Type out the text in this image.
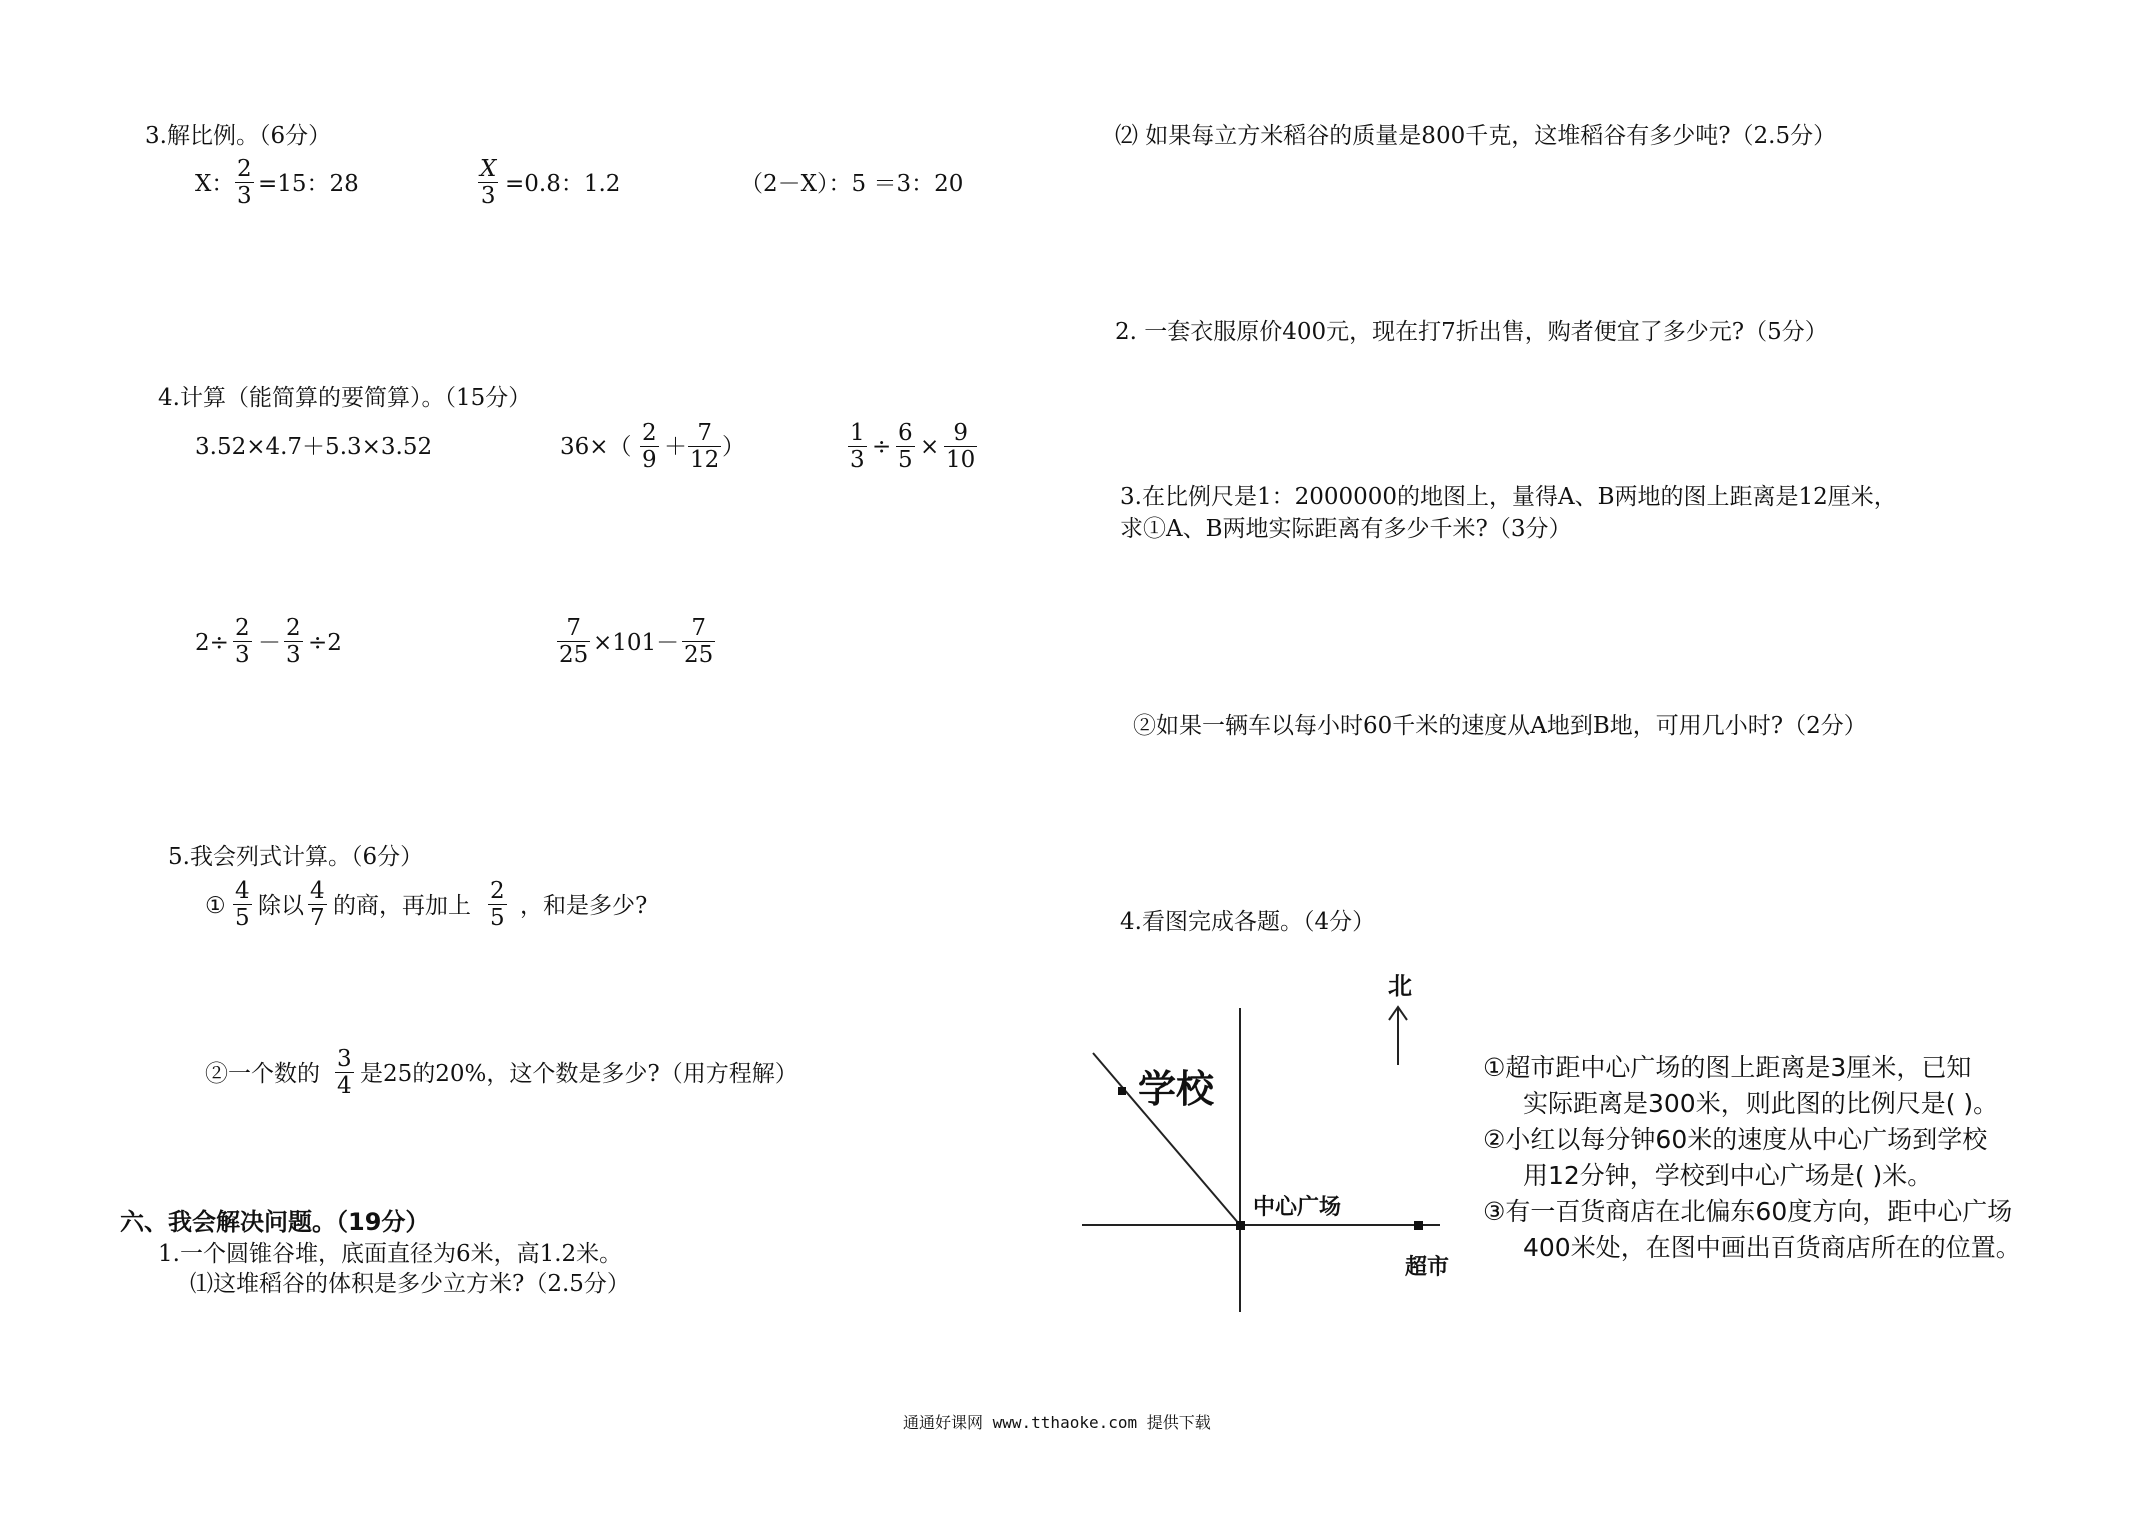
3.解比例。（6分）
X： $\frac{2}{3} =15$：28	$\frac{X}{3} =0.8$：1.2	（2－X）：5 ＝3：20
4.计算（能简算的要简算）。（15分）
3.52×4.7＋5.3×3.52	$36\times( \frac{2}{9} + \frac{7}{12}$ ）	$\frac{1}{3} \div \frac{6}{5} \times \frac{9}{10}$
$2\div \frac{2}{3} - \frac{2}{3} \div 2$	$\frac{7}{25} \times 101- \frac{7}{25}$
5.我会列式计算。（6分）
① $\frac{4}{5}$ 除以 $\frac{4}{7}$ 的商，再加上 $\frac{2}{5}$ ，和是多少?
②一个数的 $\frac{3}{4}$ 是25的20%，这个数是多少?（用方程解）
六、我会解决问题。（19分）
1.一个圆锥谷堆，底面直径为6米，高1.2米。
⑴这堆稻谷的体积是多少立方米?（2.5分）
⑵ 如果每立方米稻谷的质量是800千克，这堆稻谷有多少吨?（2.5分）
2. 一套衣服原价400元，现在打7折出售，购者便宜了多少元?（5分）
3.在比例尺是1：2000000的地图上，量得A、B两地的图上距离是12厘米，
求①A、B两地实际距离有多少千米?（3分）
②如果一辆车以每小时60千米的速度从A地到B地，可用几小时?（2分）
4.看图完成各题。（4分）
北
学校
中心广场
超市
①超市距中心广场的图上距离是3厘米，已知
实际距离是300米，则此图的比例尺是( )。
②小红以每分钟60米的速度从中心广场到学校
用12分钟，学校到中心广场是( )米。
③有一百货商店在北偏东60度方向，距中心广场
400米处，在图中画出百货商店所在的位置。
通通好课网 www.tthaoke.com 提供下载
